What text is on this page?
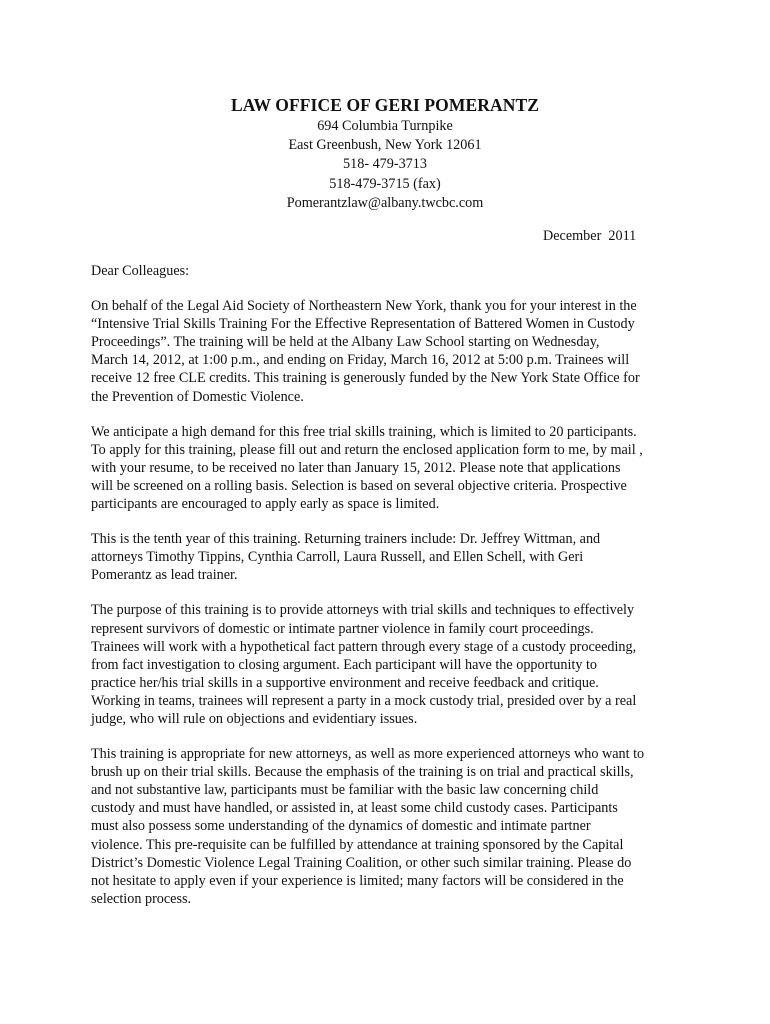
LAW OFFICE OF GERI POMERANTZ
694 Columbia Turnpike
East Greenbush, New York 12061
518- 479-3713
518-479-3715 (fax)
Pomerantzlaw@albany.twcbc.com
December  2011
Dear Colleagues:
On behalf of the Legal Aid Society of Northeastern New York, thank you for your interest in the
“Intensive Trial Skills Training For the Effective Representation of Battered Women in Custody
Proceedings”. The training will be held at the Albany Law School starting on Wednesday,
March 14, 2012, at 1:00 p.m., and ending on Friday, March 16, 2012 at 5:00 p.m. Trainees will
receive 12 free CLE credits. This training is generously funded by the New York State Office for
the Prevention of Domestic Violence.
We anticipate a high demand for this free trial skills training, which is limited to 20 participants.
To apply for this training, please fill out and return the enclosed application form to me, by mail ,
with your resume, to be received no later than January 15, 2012. Please note that applications
will be screened on a rolling basis. Selection is based on several objective criteria. Prospective
participants are encouraged to apply early as space is limited.
This is the tenth year of this training. Returning trainers include: Dr. Jeffrey Wittman, and
attorneys Timothy Tippins, Cynthia Carroll, Laura Russell, and Ellen Schell, with Geri
Pomerantz as lead trainer.
The purpose of this training is to provide attorneys with trial skills and techniques to effectively
represent survivors of domestic or intimate partner violence in family court proceedings.
Trainees will work with a hypothetical fact pattern through every stage of a custody proceeding,
from fact investigation to closing argument. Each participant will have the opportunity to
practice her/his trial skills in a supportive environment and receive feedback and critique.
Working in teams, trainees will represent a party in a mock custody trial, presided over by a real
judge, who will rule on objections and evidentiary issues.
This training is appropriate for new attorneys, as well as more experienced attorneys who want to
brush up on their trial skills. Because the emphasis of the training is on trial and practical skills,
and not substantive law, participants must be familiar with the basic law concerning child
custody and must have handled, or assisted in, at least some child custody cases. Participants
must also possess some understanding of the dynamics of domestic and intimate partner
violence. This pre-requisite can be fulfilled by attendance at training sponsored by the Capital
District’s Domestic Violence Legal Training Coalition, or other such similar training. Please do
not hesitate to apply even if your experience is limited; many factors will be considered in the
selection process.
